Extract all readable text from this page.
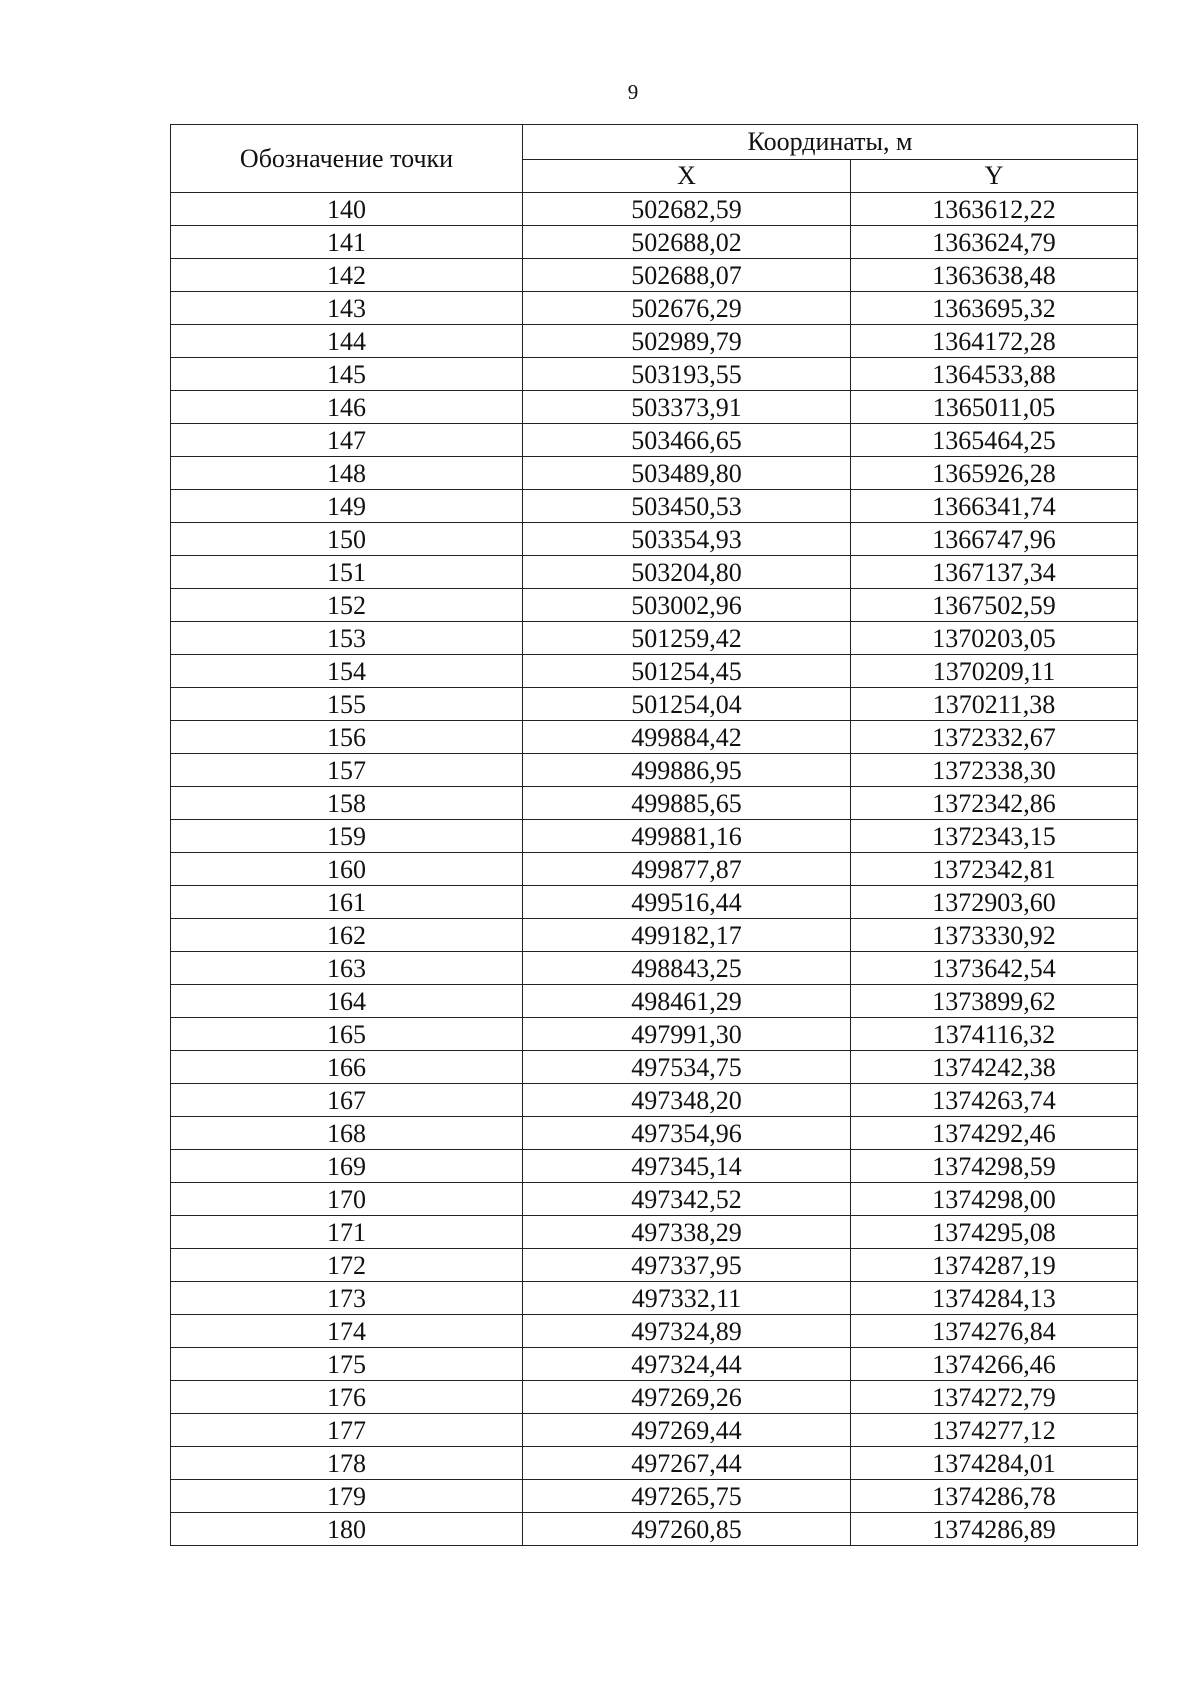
9
Обозначение точки	Координаты, м	
	X	Y
140	502682,59	1363612,22
141	502688,02	1363624,79
142	502688,07	1363638,48
143	502676,29	1363695,32
144	502989,79	1364172,28
145	503193,55	1364533,88
146	503373,91	1365011,05
147	503466,65	1365464,25
148	503489,80	1365926,28
149	503450,53	1366341,74
150	503354,93	1366747,96
151	503204,80	1367137,34
152	503002,96	1367502,59
153	501259,42	1370203,05
154	501254,45	1370209,11
155	501254,04	1370211,38
156	499884,42	1372332,67
157	499886,95	1372338,30
158	499885,65	1372342,86
159	499881,16	1372343,15
160	499877,87	1372342,81
161	499516,44	1372903,60
162	499182,17	1373330,92
163	498843,25	1373642,54
164	498461,29	1373899,62
165	497991,30	1374116,32
166	497534,75	1374242,38
167	497348,20	1374263,74
168	497354,96	1374292,46
169	497345,14	1374298,59
170	497342,52	1374298,00
171	497338,29	1374295,08
172	497337,95	1374287,19
173	497332,11	1374284,13
174	497324,89	1374276,84
175	497324,44	1374266,46
176	497269,26	1374272,79
177	497269,44	1374277,12
178	497267,44	1374284,01
179	497265,75	1374286,78
180	497260,85	1374286,89
